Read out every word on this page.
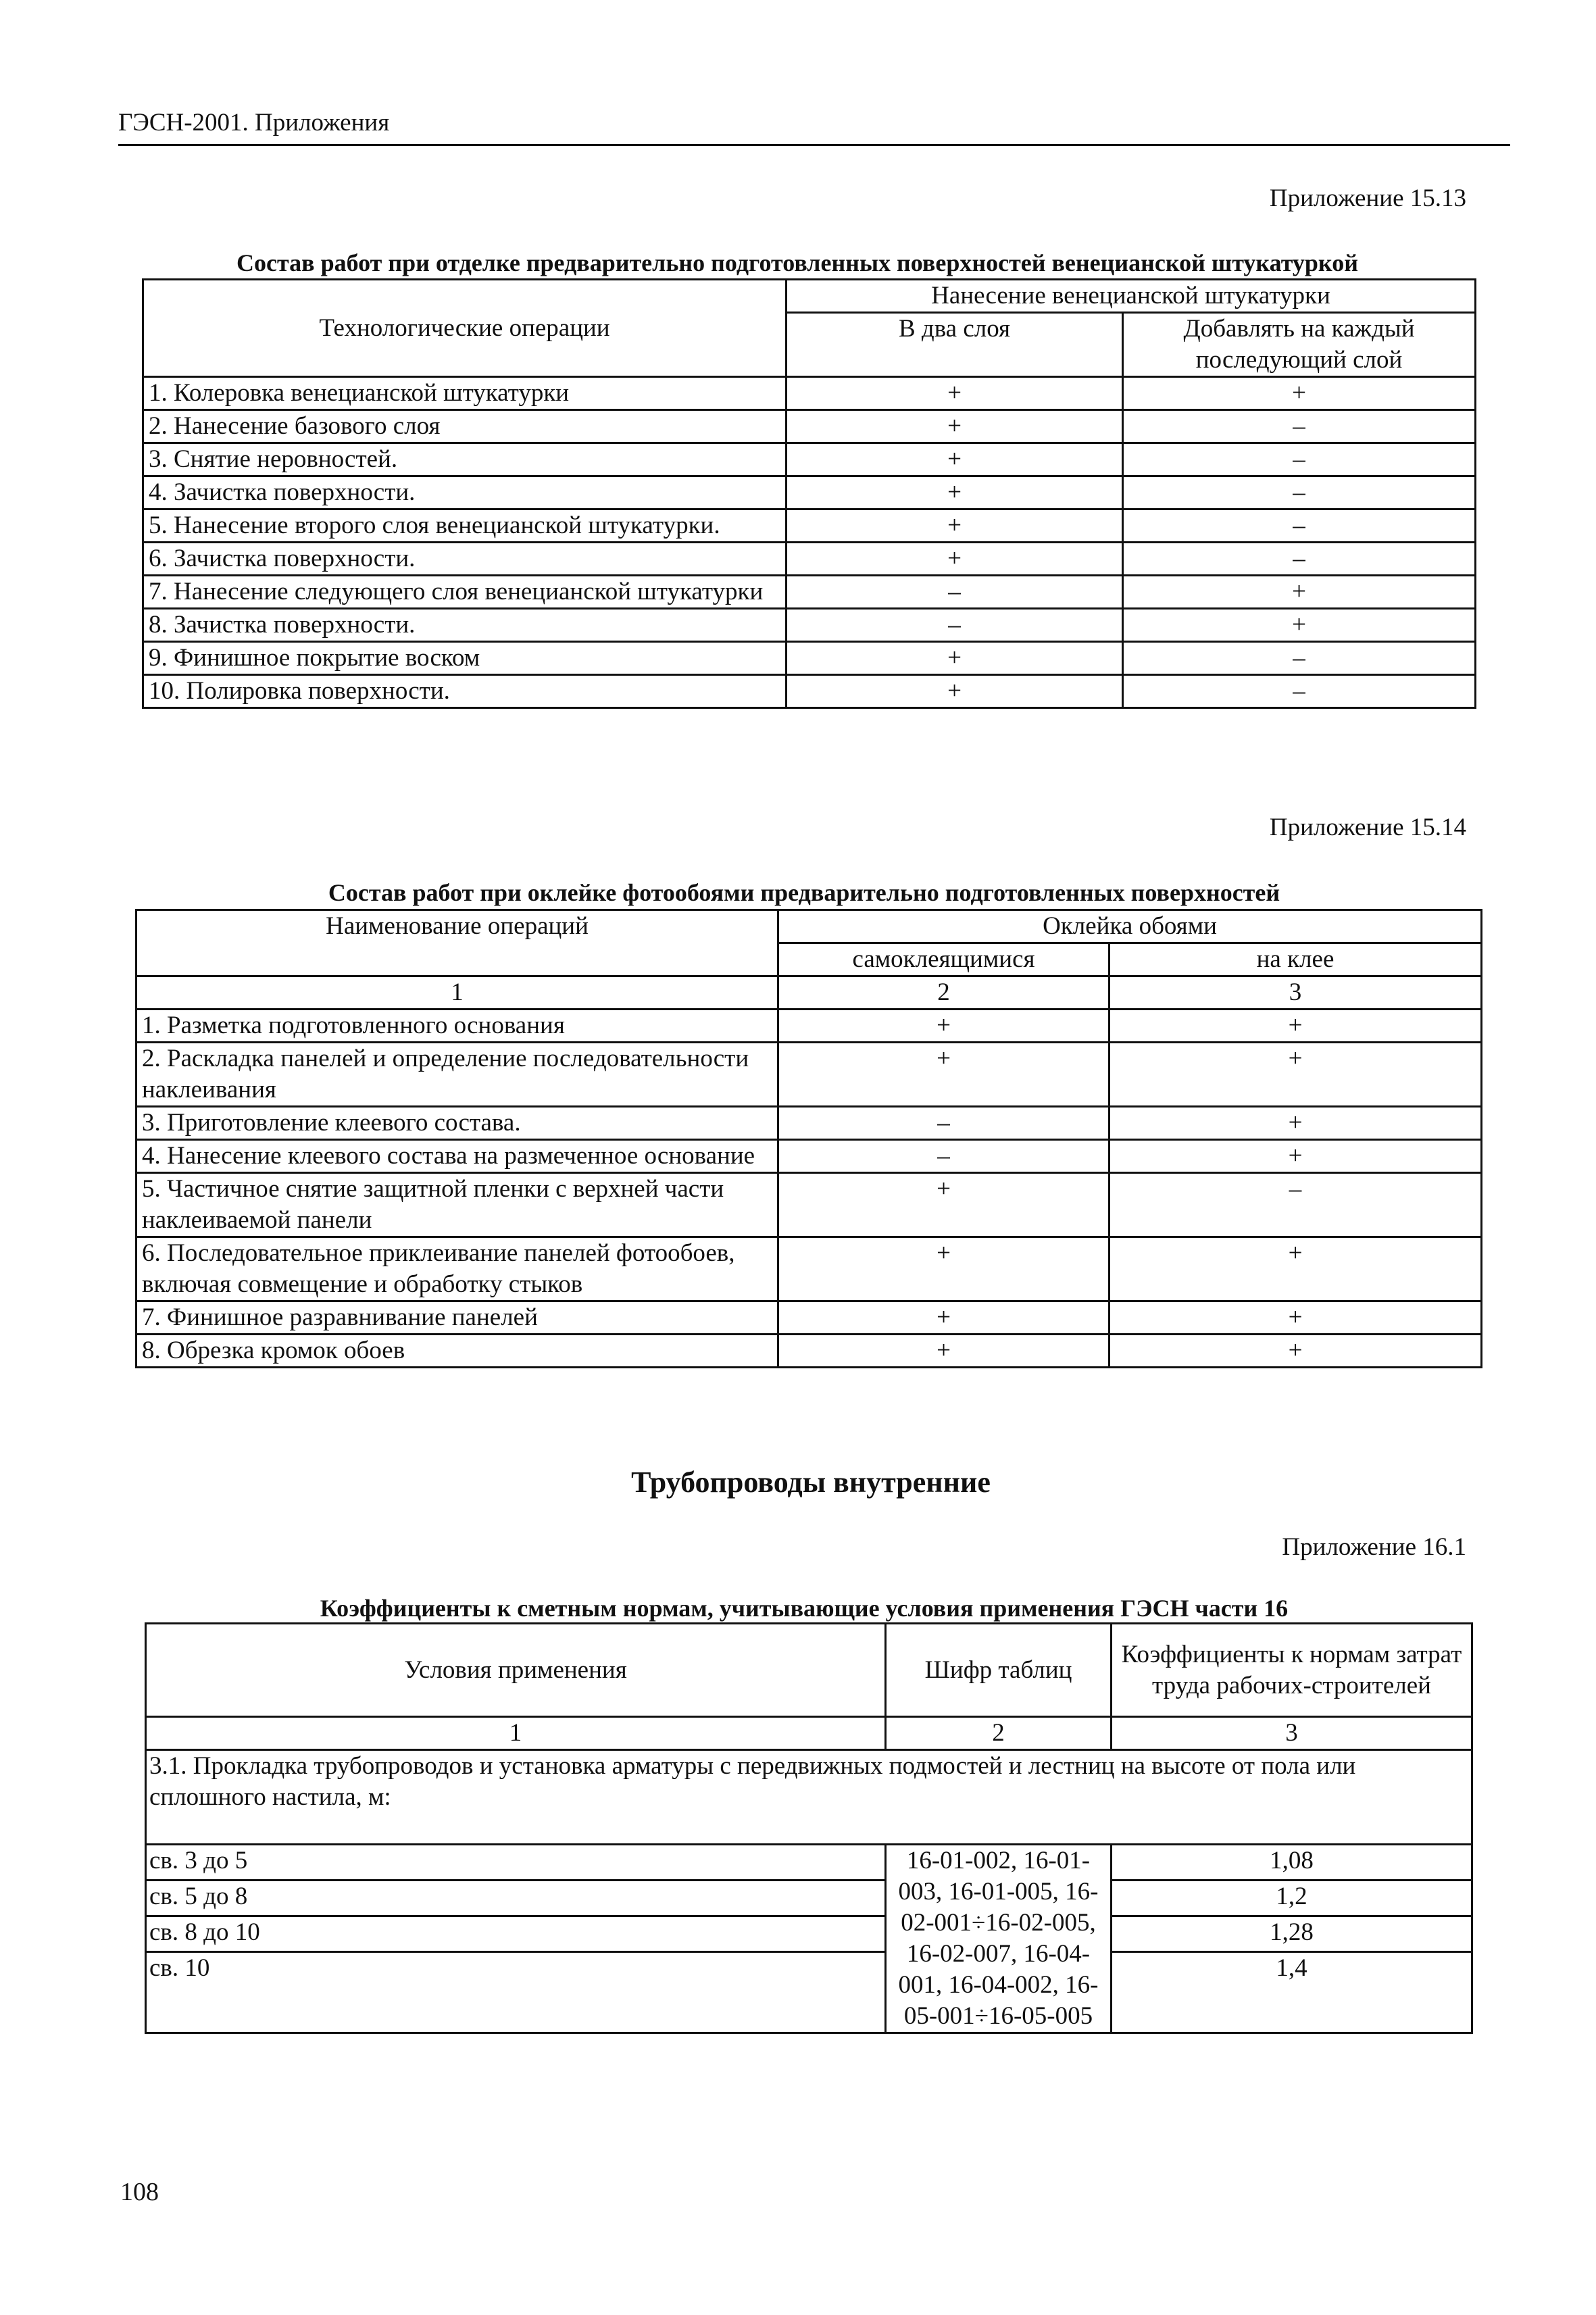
ГЭСН-2001. Приложения
Приложение 15.13
Состав работ при отделке предварительно подготовленных поверхностей венецианской штукатуркой
Технологические операции	Нанесение венецианской штукатурки	
	В два слоя	Добавлять на каждый последующий слой
1. Колеровка венецианской штукатурки	+	+
2. Нанесение базового слоя	+	–
3. Снятие неровностей.	+	–
4. Зачистка поверхности.	+	–
5. Нанесение второго слоя венецианской штукатурки.	+	–
6. Зачистка поверхности.	+	–
7. Нанесение следующего слоя венецианской штукатурки	–	+
8. Зачистка поверхности.	–	+
9. Финишное покрытие воском	+	–
10. Полировка поверхности.	+	–
Приложение 15.14
Состав работ при оклейке фотообоями предварительно подготовленных поверхностей
Наименование операций	Оклейка обоями	
	самоклеящимися	на клее
1	2	3
1. Разметка подготовленного основания	+	+
2. Раскладка панелей и определение последовательности наклеивания	+	+
3. Приготовление клеевого состава.	–	+
4. Нанесение клеевого состава на размеченное основание	–	+
5. Частичное снятие защитной пленки с верхней части наклеиваемой панели	+	–
6. Последовательное приклеивание панелей фотообоев, включая совмещение и обработку стыков	+	+
7. Финишное разравнивание панелей	+	+
8. Обрезка кромок обоев	+	+
Трубопроводы внутренние
Приложение 16.1
Коэффициенты к сметным нормам, учитывающие условия применения ГЭСН части 16
Условия применения	Шифр таблиц	Коэффициенты к нормам затрат труда рабочих-строителей
1	2	3
3.1. Прокладка трубопроводов и установка арматуры с передвижных подмостей и лестниц на высоте от пола или сплошного настила, м:		
св. 3 до 5	16-01-002, 16-01-003, 16-01-005, 16-02-001÷16-02-005, 16-02-007, 16-04-001, 16-04-002, 16-05-001÷16-05-005	1,08
св. 5 до 8		1,2
св. 8 до 10		1,28
св. 10		1,4
108
